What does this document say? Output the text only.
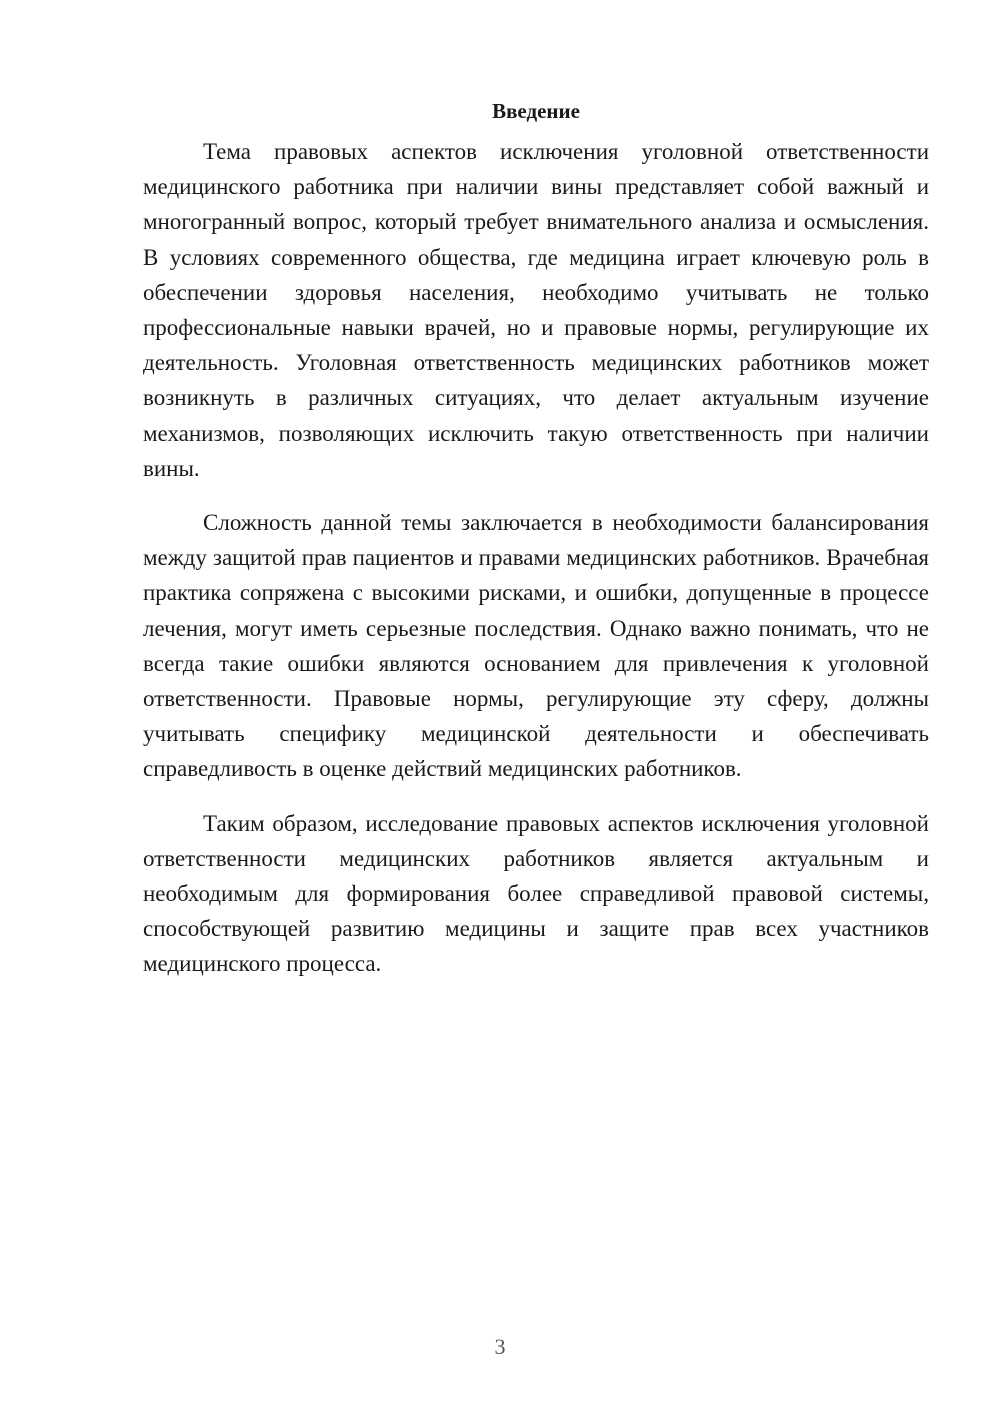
Введение

Тема правовых аспектов исключения уголовной ответственности медицинского работника при наличии вины представляет собой важный и многогранный вопрос, который требует внимательного анализа и осмысления. В условиях современного общества, где медицина играет ключевую роль в обеспечении здоровья населения, необходимо учитывать не только профессиональные навыки врачей, но и правовые нормы, регулирующие их деятельность. Уголовная ответственность медицинских работников может возникнуть в различных ситуациях, что делает актуальным изучение механизмов, позволяющих исключить такую ответственность при наличии вины.

Сложность данной темы заключается в необходимости балансирования между защитой прав пациентов и правами медицинских работников. Врачебная практика сопряжена с высокими рисками, и ошибки, допущенные в процессе лечения, могут иметь серьезные последствия. Однако важно понимать, что не всегда такие ошибки являются основанием для привлечения к уголовной ответственности. Правовые нормы, регулирующие эту сферу, должны учитывать специфику медицинской деятельности и обеспечивать справедливость в оценке действий медицинских работников.

Таким образом, исследование правовых аспектов исключения уголовной ответственности медицинских работников является актуальным и необходимым для формирования более справедливой правовой системы, способствующей развитию медицины и защите прав всех участников медицинского процесса.

3
